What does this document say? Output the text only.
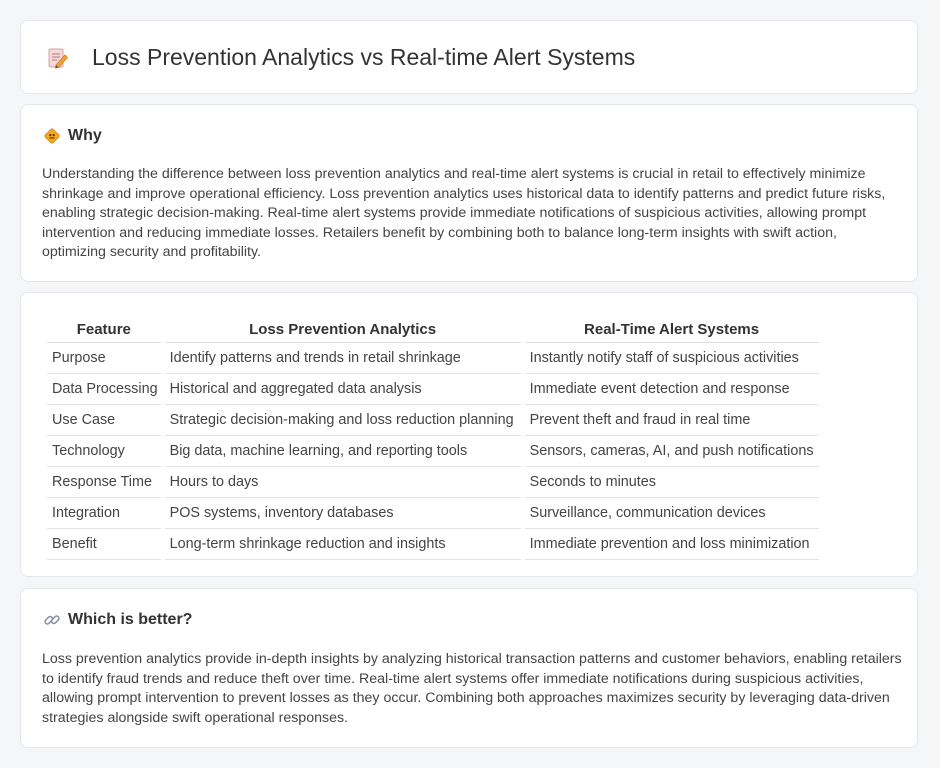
Loss Prevention Analytics vs Real-time Alert Systems
Why

Understanding the difference between loss prevention analytics and real-time alert systems is crucial in retail to effectively minimize shrinkage and improve operational efficiency. Loss prevention analytics uses historical data to identify patterns and predict future risks, enabling strategic decision-making. Real-time alert systems provide immediate notifications of suspicious activities, allowing prompt intervention and reducing immediate losses. Retailers benefit by combining both to balance long-term insights with swift action, optimizing security and profitability.

Feature	Loss Prevention Analytics	Real-Time Alert Systems
Purpose	Identify patterns and trends in retail shrinkage	Instantly notify staff of suspicious activities
Data Processing	Historical and aggregated data analysis	Immediate event detection and response
Use Case	Strategic decision-making and loss reduction planning	Prevent theft and fraud in real time
Technology	Big data, machine learning, and reporting tools	Sensors, cameras, AI, and push notifications
Response Time	Hours to days	Seconds to minutes
Integration	POS systems, inventory databases	Surveillance, communication devices
Benefit	Long-term shrinkage reduction and insights	Immediate prevention and loss minimization
Which is better?

Loss prevention analytics provide in-depth insights by analyzing historical transaction patterns and customer behaviors, enabling retailers to identify fraud trends and reduce theft over time. Real-time alert systems offer immediate notifications during suspicious activities, allowing prompt intervention to prevent losses as they occur. Combining both approaches maximizes security by leveraging data-driven strategies alongside swift operational responses.
